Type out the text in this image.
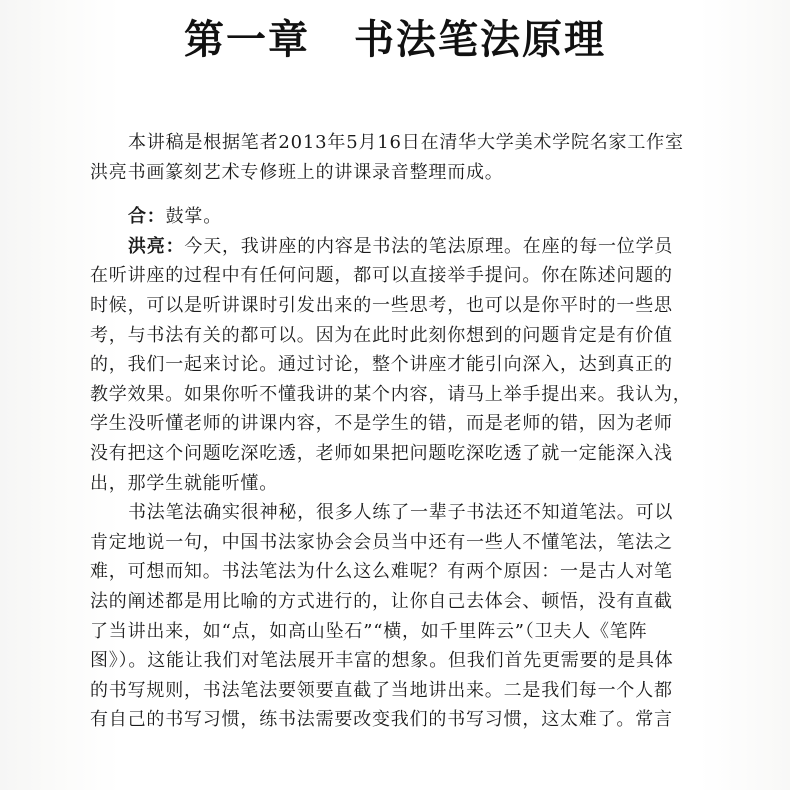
第一章 书法笔法原理
本讲稿是根据笔者2013年5月16日在清华大学美术学院名家工作室
洪亮书画篆刻艺术专修班上的讲课录音整理而成。
合：鼓掌。
洪亮：今天，我讲座的内容是书法的笔法原理。在座的每一位学员
在听讲座的过程中有任何问题，都可以直接举手提问。你在陈述问题的
时候，可以是听讲课时引发出来的一些思考，也可以是你平时的一些思
考，与书法有关的都可以。因为在此时此刻你想到的问题肯定是有价值
的，我们一起来讨论。通过讨论，整个讲座才能引向深入，达到真正的
教学效果。如果你听不懂我讲的某个内容，请马上举手提出来。我认为，
学生没听懂老师的讲课内容，不是学生的错，而是老师的错，因为老师
没有把这个问题吃深吃透，老师如果把问题吃深吃透了就一定能深入浅
出，那学生就能听懂。
书法笔法确实很神秘，很多人练了一辈子书法还不知道笔法。可以
肯定地说一句，中国书法家协会会员当中还有一些人不懂笔法，笔法之
难，可想而知。书法笔法为什么这么难呢？有两个原因：一是古人对笔
法的阐述都是用比喻的方式进行的，让你自己去体会、顿悟，没有直截
了当讲出来，如“点，如高山坠石”“横，如千里阵云”（卫夫人《笔阵
图》）。这能让我们对笔法展开丰富的想象。但我们首先更需要的是具体
的书写规则，书法笔法要领要直截了当地讲出来。二是我们每一个人都
有自己的书写习惯，练书法需要改变我们的书写习惯，这太难了。常言
